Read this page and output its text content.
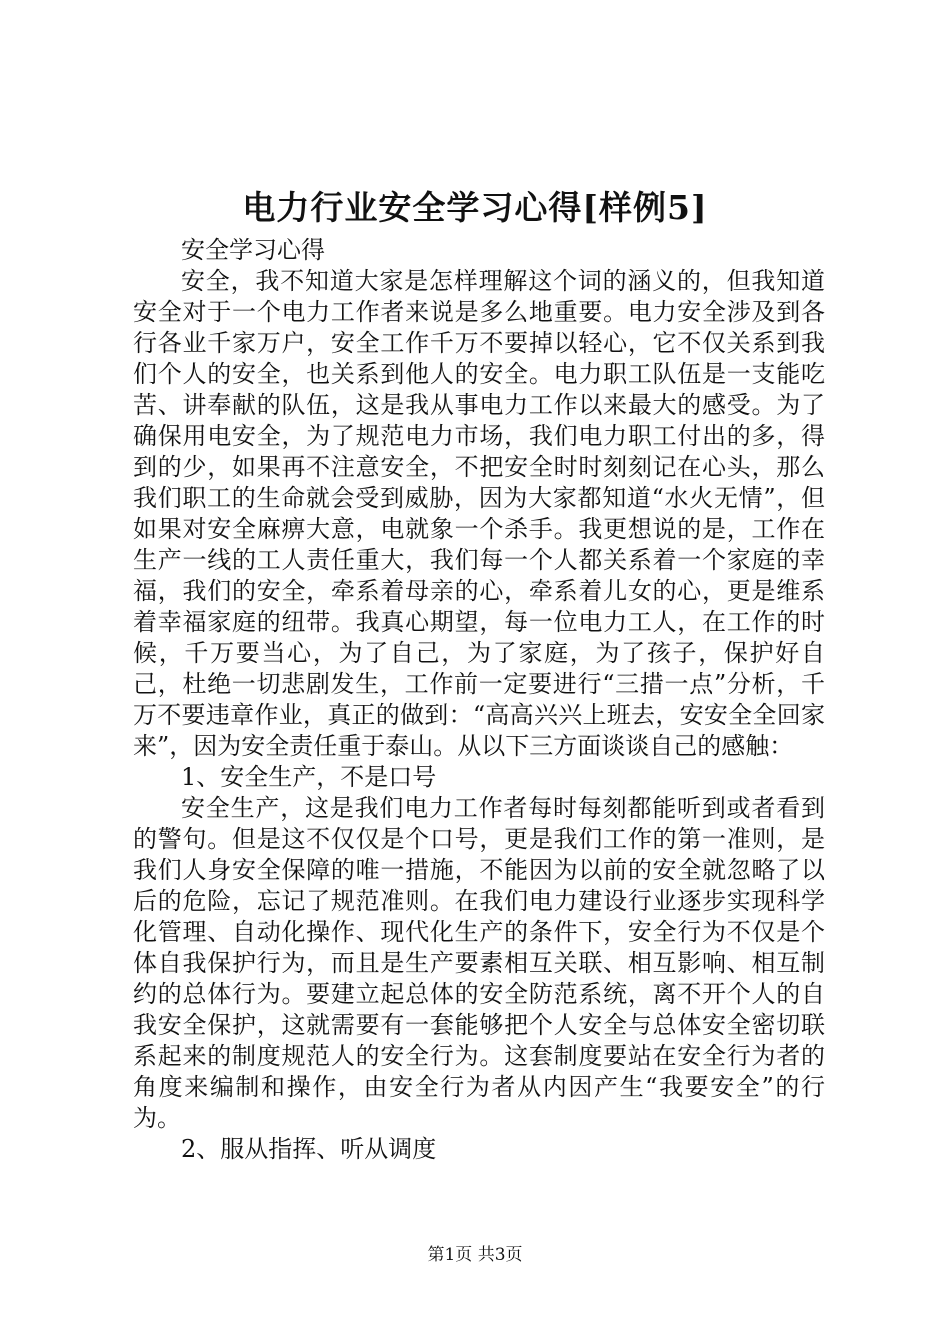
电力行业安全学习心得[样例5]

安全学习心得

安全，我不知道大家是怎样理解这个词的涵义的，但我知道安全对于一个电力工作者来说是多么地重要。电力安全涉及到各行各业千家万户，安全工作千万不要掉以轻心，它不仅关系到我们个人的安全，也关系到他人的安全。电力职工队伍是一支能吃苦、讲奉献的队伍，这是我从事电力工作以来最大的感受。为了确保用电安全，为了规范电力市场，我们电力职工付出的多，得到的少，如果再不注意安全，不把安全时时刻刻记在心头，那么我们职工的生命就会受到威胁，因为大家都知道“水火无情”，但如果对安全麻痹大意，电就象一个杀手。我更想说的是，工作在生产一线的工人责任重大，我们每一个人都关系着一个家庭的幸福，我们的安全，牵系着母亲的心，牵系着儿女的心，更是维系着幸福家庭的纽带。我真心期望，每一位电力工人，在工作的时候，千万要当心，为了自己，为了家庭，为了孩子，保护好自己，杜绝一切悲剧发生，工作前一定要进行“三措一点”分析，千万不要违章作业，真正的做到：“高高兴兴上班去，安安全全回家来”，因为安全责任重于泰山。从以下三方面谈谈自己的感触：

1、安全生产，不是口号

安全生产，这是我们电力工作者每时每刻都能听到或者看到的警句。但是这不仅仅是个口号，更是我们工作的第一准则，是我们人身安全保障的唯一措施，不能因为以前的安全就忽略了以后的危险，忘记了规范准则。在我们电力建设行业逐步实现科学化管理、自动化操作、现代化生产的条件下，安全行为不仅是个体自我保护行为，而且是生产要素相互关联、相互影响、相互制约的总体行为。要建立起总体的安全防范系统，离不开个人的自我安全保护，这就需要有一套能够把个人安全与总体安全密切联系起来的制度规范人的安全行为。这套制度要站在安全行为者的角度来编制和操作，由安全行为者从内因产生“我要安全”的行为。

2、服从指挥、听从调度

第1页 共3页
